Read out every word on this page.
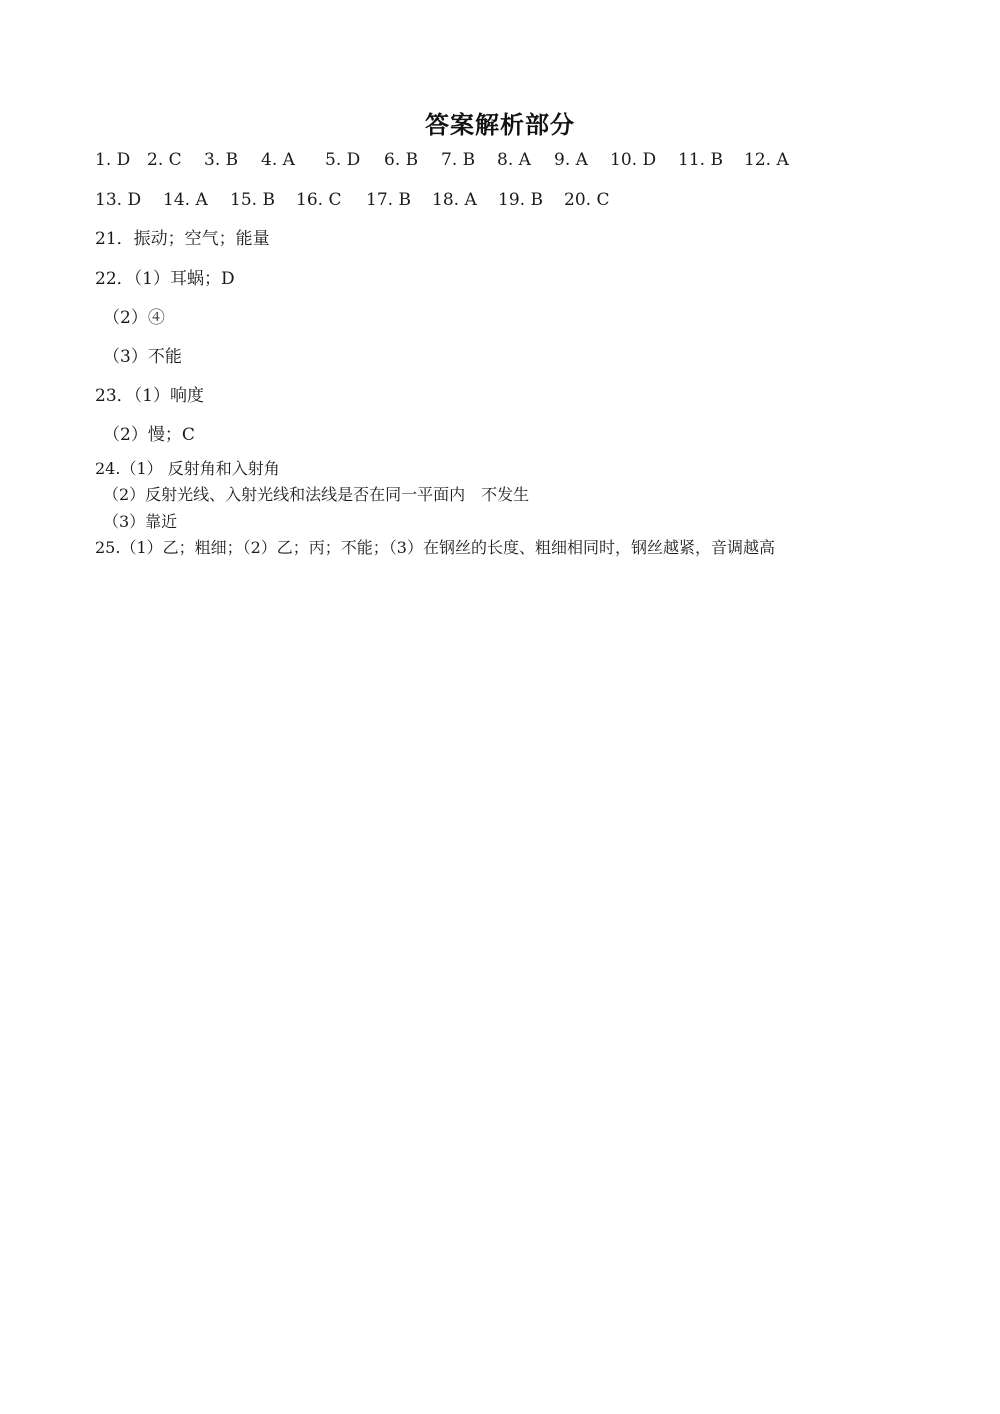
答案解析部分
1. D 2. C 3. B 4. A 5. D 6. B 7. B 8. A 9. A 10. D 11. B 12. A
13. D 14. A 15. B 16. C 17. B 18. A 19. B 20. C
21．振动；空气；能量
22．（1）耳蜗；D
（2）④
（3）不能
23．（1）响度
（2）慢；C
24.（1） 反射角和入射角
（2）反射光线、入射光线和法线是否在同一平面内　不发生
（3）靠近
25.（1）乙；粗细；（2）乙；丙；不能；（3）在钢丝的长度、粗细相同时，钢丝越紧，音调越高
